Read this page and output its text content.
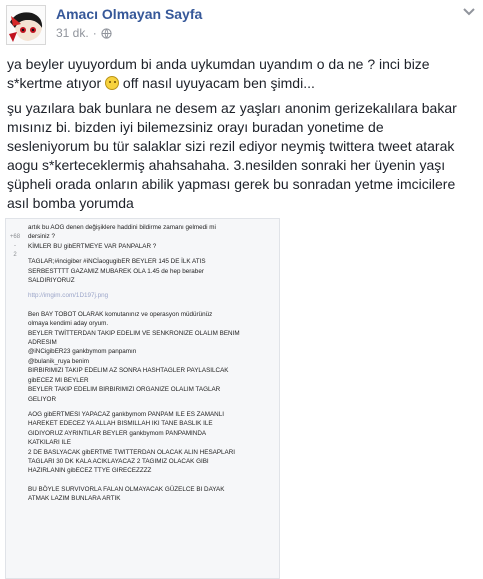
Amacı Olmayan Sayfa
31 dk. ·
ya beyler uyuyordum bi anda uykumdan uyandım o da ne ? inci bize
s*kertme atıyor  off nasıl uyuyacam ben şimdi...
şu yazılara bak bunlara ne desem az yaşları anonim gerizekalılara bakar
mısınız bi. bizden iyi bilemezsiniz orayı buradan yonetime de
sesleniyorum bu tür salaklar sizi rezil ediyor neymiş twittera tweet atarak
aogu s*kerteceklermiş ahahsahaha. 3.nesilden sonraki her üyenin yaşı
şüpheli orada onların abilik yapması gerek bu sonradan yetme imcicilere
asıl bomba yorumda
+68
-
2

artık bu AOG denen değişiklere haddini bildirme zamanı gelmedi mi
dersiniz ?
KİMLER BU gibERTMEYE VAR PANPALAR ?

TAGLAR;#incigiber #iNCİaogugibER BEYLER 145 DE İLK ATIS
SERBESTTTT GAZAMIZ MUBAREK OLA 1.45 de hep beraber
SALDIRIYORUZ

http://imgim.com/1D197j.png

Ben BAY TOBOT OLARAK komutanınız ve operasyon müdürünüz
olmaya kendimi aday oryum.
BEYLER TWİTTERDAN TAKIP EDELIM VE SENKRONIZE OLALIM BENIM
ADRESIM
@iNCigibER23 gankbymom panpamın
@bulanik_ruya benim
BIRBIRIMIZI TAKIP EDELIM AZ SONRA HASHTAGLER PAYLASILCAK
gibECEZ MI BEYLER
BEYLER TAKIP EDELIM BIRBIRIMIZI ORGANIZE OLALIM TAGLAR
GELIYOR

AOG gibERTMESI YAPACAZ gankbymom PANPAM ILE ES ZAMANLI
HAREKET EDECEZ YA ALLAH BISMILLAH IKI TANE BASLIK ILE
GIDIYORUZ AYRINTILAR BEYLER gankbymom PANPAMINDA
KATKILARI ILE
2 DE BASLYACAK gibERTME TWITTERDAN OLACAK ALIN HESAPLARI
TAGLARI 30 DK KALA ACIKLAYACAZ 2 TAGIMIZ OLACAK GIBI
HAZIRLANIN gibECEZ TTYE GIRECEZZZZ

BU BÖYLE SURVIVORLA FALAN OLMAYACAK GÜZELCE BI DAYAK
ATMAK LAZIM BUNLARA ARTIK
